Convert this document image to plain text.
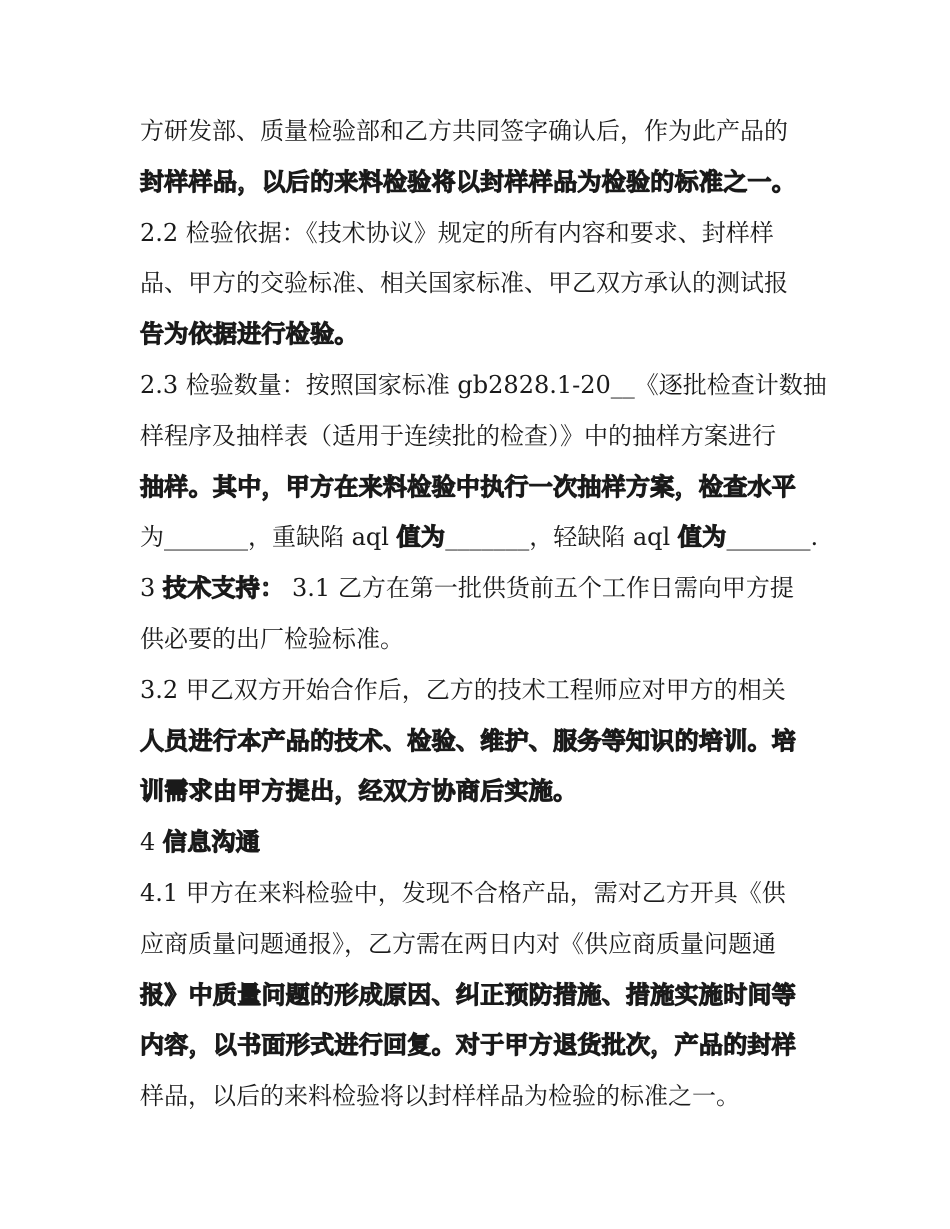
方研发部、质量检验部和乙方共同签字确认后，作为此产品的
封样样品，以后的来料检验将以封样样品为检验的标准之一。
2.2 检验依据：《技术协议》规定的所有内容和要求、封样样
品、甲方的交验标准、相关国家标准、甲乙双方承认的测试报
告为依据进行检验。
2.3 检验数量：按照国家标准 gb2828.1-20__《逐批检查计数抽
样程序及抽样表（适用于连续批的检查）》中的抽样方案进行
抽样。其中，甲方在来料检验中执行一次抽样方案，检查水平
为_______，重缺陷 aql 值为_______，轻缺陷 aql 值为_______.
3 技术支持： 3.1 乙方在第一批供货前五个工作日需向甲方提
供必要的出厂检验标准。
3.2 甲乙双方开始合作后，乙方的技术工程师应对甲方的相关
人员进行本产品的技术、检验、维护、服务等知识的培训。培
训需求由甲方提出，经双方协商后实施。
4 信息沟通
4.1 甲方在来料检验中，发现不合格产品，需对乙方开具《供
应商质量问题通报》，乙方需在两日内对《供应商质量问题通
报》中质量问题的形成原因、纠正预防措施、措施实施时间等
内容，以书面形式进行回复。对于甲方退货批次，产品的封样
样品，以后的来料检验将以封样样品为检验的标准之一。
